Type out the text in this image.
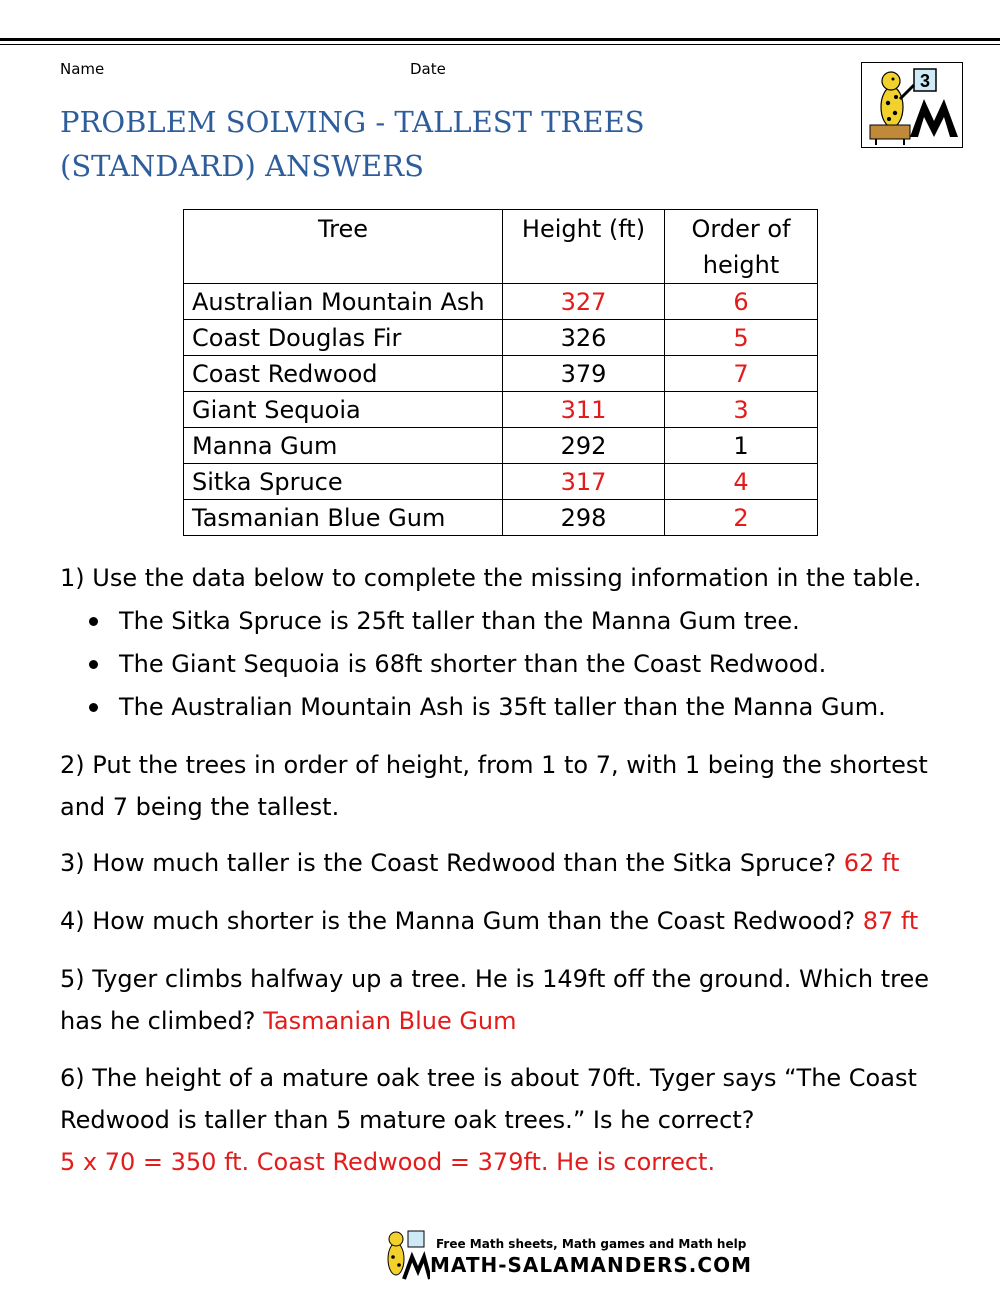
Name	Date
PROBLEM SOLVING - TALLEST TREES (STANDARD) ANSWERS
3
Tree	Height (ft)	Order of height
Australian Mountain Ash	327	6
Coast Douglas Fir	326	5
Coast Redwood	379	7
Giant Sequoia	311	3
Manna Gum	292	1
Sitka Spruce	317	4
Tasmanian Blue Gum	298	2
1) Use the data below to complete the missing information in the table.
The Sitka Spruce is 25ft taller than the Manna Gum tree.
The Giant Sequoia is 68ft shorter than the Coast Redwood.
The Australian Mountain Ash is 35ft taller than the Manna Gum.
2) Put the trees in order of height, from 1 to 7, with 1 being the shortest and 7 being the tallest.
3) How much taller is the Coast Redwood than the Sitka Spruce? 62 ft
4) How much shorter is the Manna Gum than the Coast Redwood? 87 ft
5) Tyger climbs halfway up a tree. He is 149ft off the ground. Which tree has he climbed? Tasmanian Blue Gum
6) The height of a mature oak tree is about 70ft. Tyger says “The Coast Redwood is taller than 5 mature oak trees.” Is he correct?
5 x 70 = 350 ft. Coast Redwood = 379ft. He is correct.
Free Math sheets, Math games and Math help
MATH-SALAMANDERS.COM
